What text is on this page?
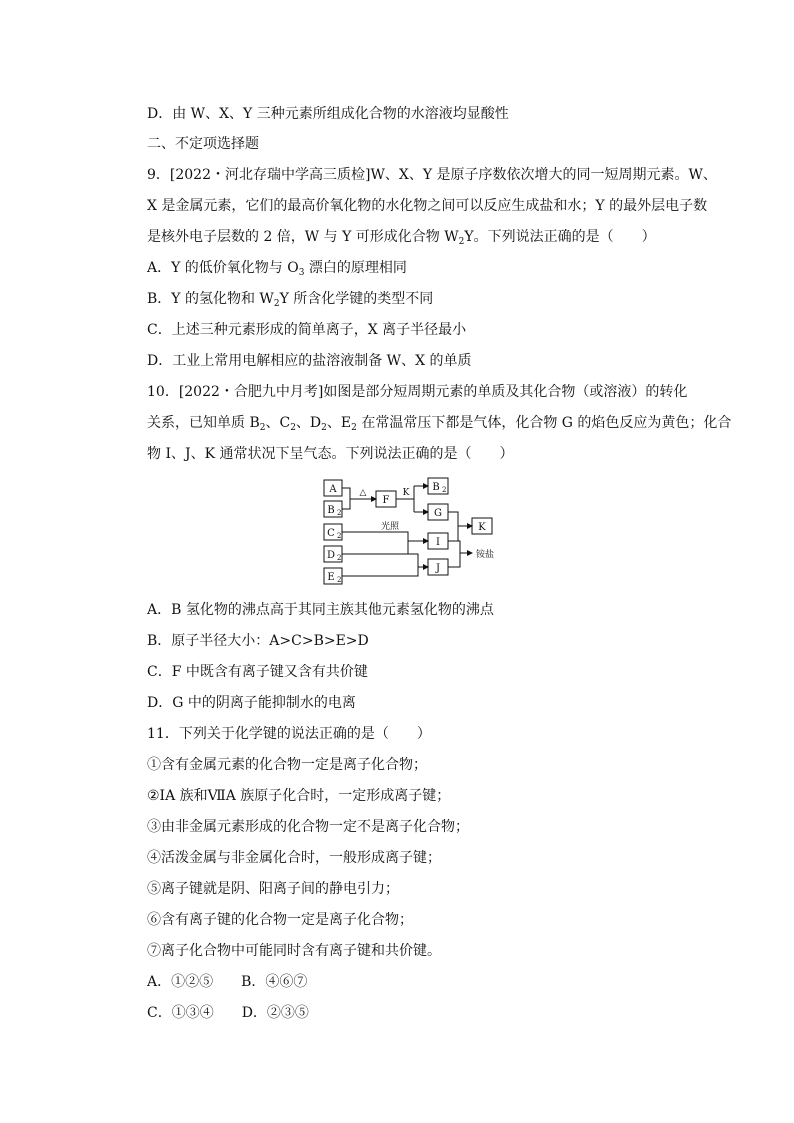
D．由 W、X、Y 三种元素所组成化合物的水溶液均显酸性
二、不定项选择题
9．[2022・河北存瑞中学高三质检]W、X、Y 是原子序数依次增大的同一短周期元素。W、
X 是金属元素，它们的最高价氧化物的水化物之间可以反应生成盐和水；Y 的最外层电子数
是核外电子层数的 2 倍，W 与 Y 可形成化合物 $W_2Y$。下列说法正确的是（　　）
A．Y 的低价氧化物与 $O_3$ 漂白的原理相同
B．Y 的氢化物和 $W_2Y$ 所含化学键的类型不同
C．上述三种元素形成的简单离子，X 离子半径最小
D．工业上常用电解相应的盐溶液制备 W、X 的单质
10．[2022・合肥九中月考]如图是部分短周期元素的单质及其化合物（或溶液）的转化
关系，已知单质 $B_2$、$C_2$、$D_2$、$E_2$ 在常温常压下都是气体，化合物 G 的焰色反应为黄色；化合
物 I、J、K 通常状况下呈气态。下列说法正确的是（　　）
A
B 2
C 2
D 2
E 2
F
B 2
G
I
J
K
△	K
光照
铵盐
A．B 氢化物的沸点高于其同主族其他元素氢化物的沸点
B．原子半径大小：A>C>B>E>D
C．F 中既含有离子键又含有共价键
D．G 中的阴离子能抑制水的电离
11．下列关于化学键的说法正确的是（　　）
①含有金属元素的化合物一定是离子化合物；
②ⅠA 族和ⅦA 族原子化合时，一定形成离子键；
③由非金属元素形成的化合物一定不是离子化合物；
④活泼金属与非金属化合时，一般形成离子键；
⑤离子键就是阴、阳离子间的静电引力；
⑥含有离子键的化合物一定是离子化合物；
⑦离子化合物中可能同时含有离子键和共价键。
A．①②⑤　　B．④⑥⑦
C．①③④　　D．②③⑤
